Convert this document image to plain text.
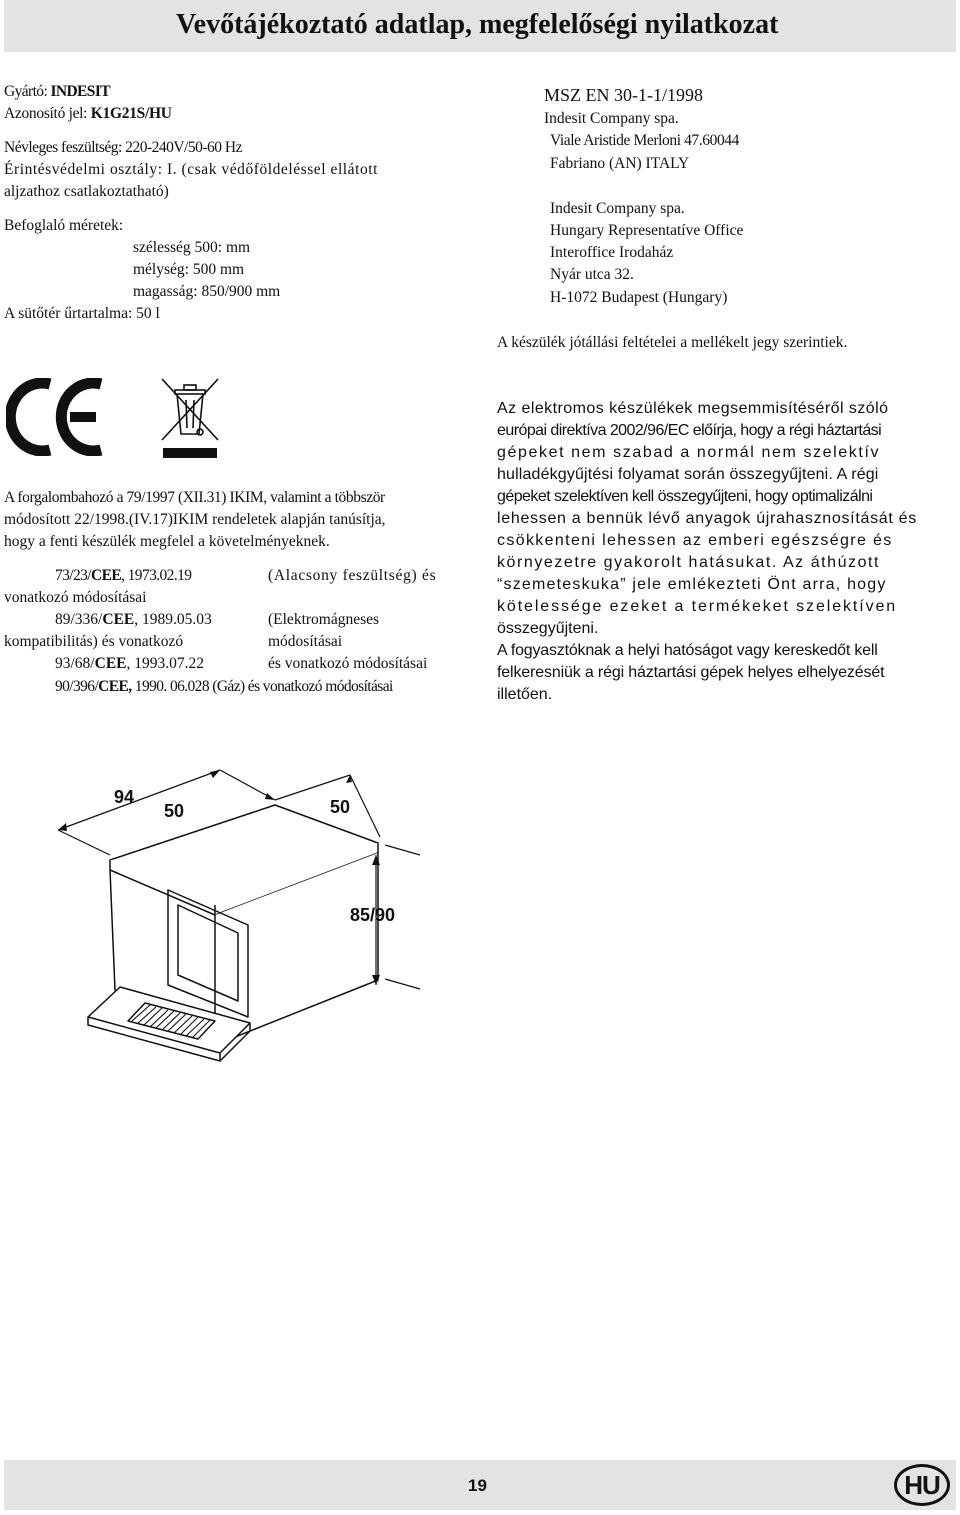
Vevőtájékoztató adatlap, megfelelőségi nyilatkozat
Gyártó: INDESIT
Azonosító jel: K1G21S/HU
Névleges feszültség: 220-240V/50-60 Hz
Érintésvédelmi osztály: I. (csak védőföldeléssel ellátott
aljzathoz csatlakoztatható)
Befoglaló méretek:
szélesség 500: mm
mélység: 500 mm
magasság: 850/900 mm
A sütőtér űrtartalma: 50 l
MSZ EN 30-1-1/1998
Indesit Company spa.
Viale Aristide Merloni 47.60044
Fabriano (AN) ITALY
Indesit Company spa.
Hungary Representatíve Office
Interoffice Irodaház
Nyár utca 32.
H-1072 Budapest (Hungary)
A készülék jótállási feltételei a mellékelt jegy szerintiek.
A forgalombahozó a 79/1997 (XII.31) IKIM, valamint a többször
módosított 22/1998.(IV.17)IKIM rendeletek alapján tanúsítja,
hogy a fenti készülék megfelel a követelményeknek.
73/23/CEE, 1973.02.19	(Alacsony feszültség) és
vonatkozó módosításai
89/336/CEE, 1989.05.03	(Elektromágneses
kompatibilitás) és vonatkozó	módosításai
93/68/CEE, 1993.07.22	és vonatkozó módosításai
90/396/CEE, 1990. 06.028 (Gáz) és vonatkozó módosításai
Az elektromos készülékek megsemmisítéséről szóló
európai direktíva 2002/96/EC előírja, hogy a régi háztartási
gépeket nem szabad a normál nem szelektív
hulladékgyűjtési folyamat során összegyűjteni. A régi
gépeket szelektíven kell összegyűjteni, hogy optimalizálni
lehessen a bennük lévő anyagok újrahasznosítását és
csökkenteni lehessen az emberi egészségre és
környezetre gyakorolt hatásukat. Az áthúzott
“szemeteskuka” jele emlékezteti Önt arra, hogy
kötelessége ezeket a termékeket szelektíven
összegyűjteni.
A fogyasztóknak a helyi hatóságot vagy kereskedőt kell
felkeresniük a régi háztartási gépek helyes elhelyezését
illetően.
94
50	50
85/90
19	HU
